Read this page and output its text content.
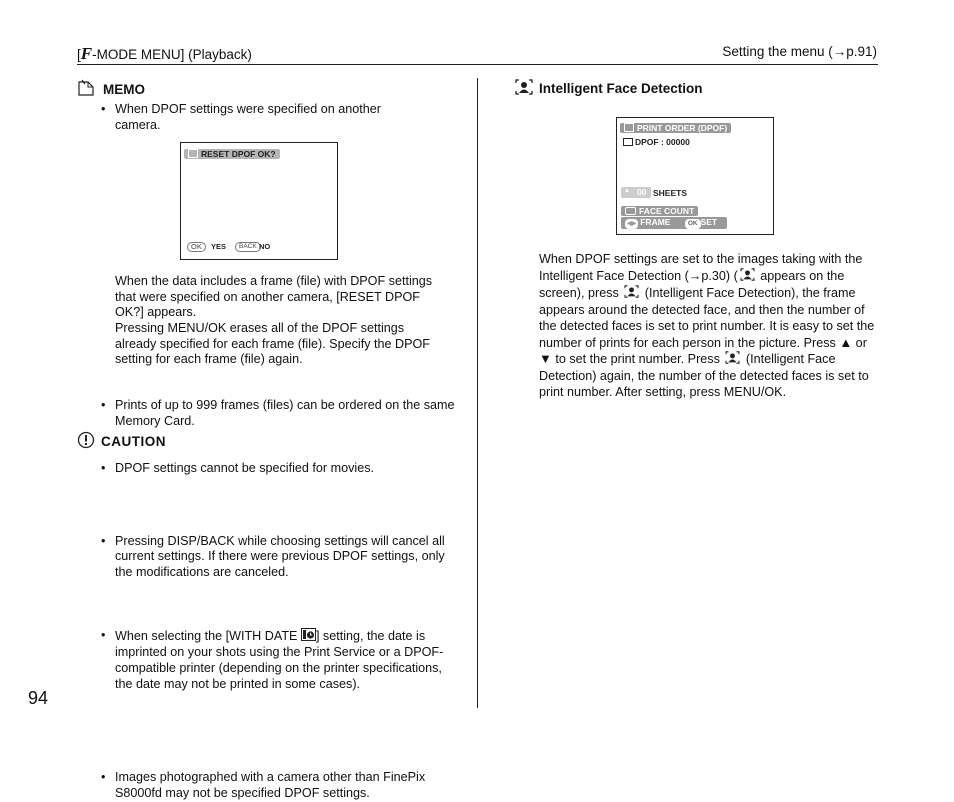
[F-MODE MENU] (Playback)	Setting the menu (→p.91)
MEMO
• When DPOF settings were specified on another camera.
RESET DPOF OK?
OK	YES	BACK NO
When the data includes a frame (file) with DPOF settings that were specified on another camera, [RESET DPOF OK?] appears.
Pressing MENU/OK erases all of the DPOF settings already specified for each frame (file). Specify the DPOF setting for each frame (file) again.
• Prints of up to 999 frames (files) can be ordered on the same Memory Card.
• DPOF settings cannot be specified for movies.
CAUTION
• Pressing DISP/BACK while choosing settings will cancel all current settings. If there were previous DPOF settings, only the modifications are canceled.
• When selecting the [WITH DATE ] setting, the date is imprinted on your shots using the Print Service or a DPOF-compatible printer (depending on the printer specifications, the date may not be printed in some cases).
• Images photographed with a camera other than FinePix S8000fd may not be specified DPOF settings.
Intelligent Face Detection
PRINT ORDER (DPOF)
DPOF : 00000
▲ 00 SHEETS
FACE COUNT
◀▶ FRAME	OK SET
When DPOF settings are set to the images taking with the Intelligent Face Detection (→p.30) ( appears on the screen), press  (Intelligent Face Detection), the frame appears around the detected face, and then the number of the detected faces is set to print number. It is easy to set the number of prints for each person in the picture. Press ▲ or ▼ to set the print number. Press  (Intelligent Face Detection) again, the number of the detected faces is set to print number. After setting, press MENU/OK.
94
